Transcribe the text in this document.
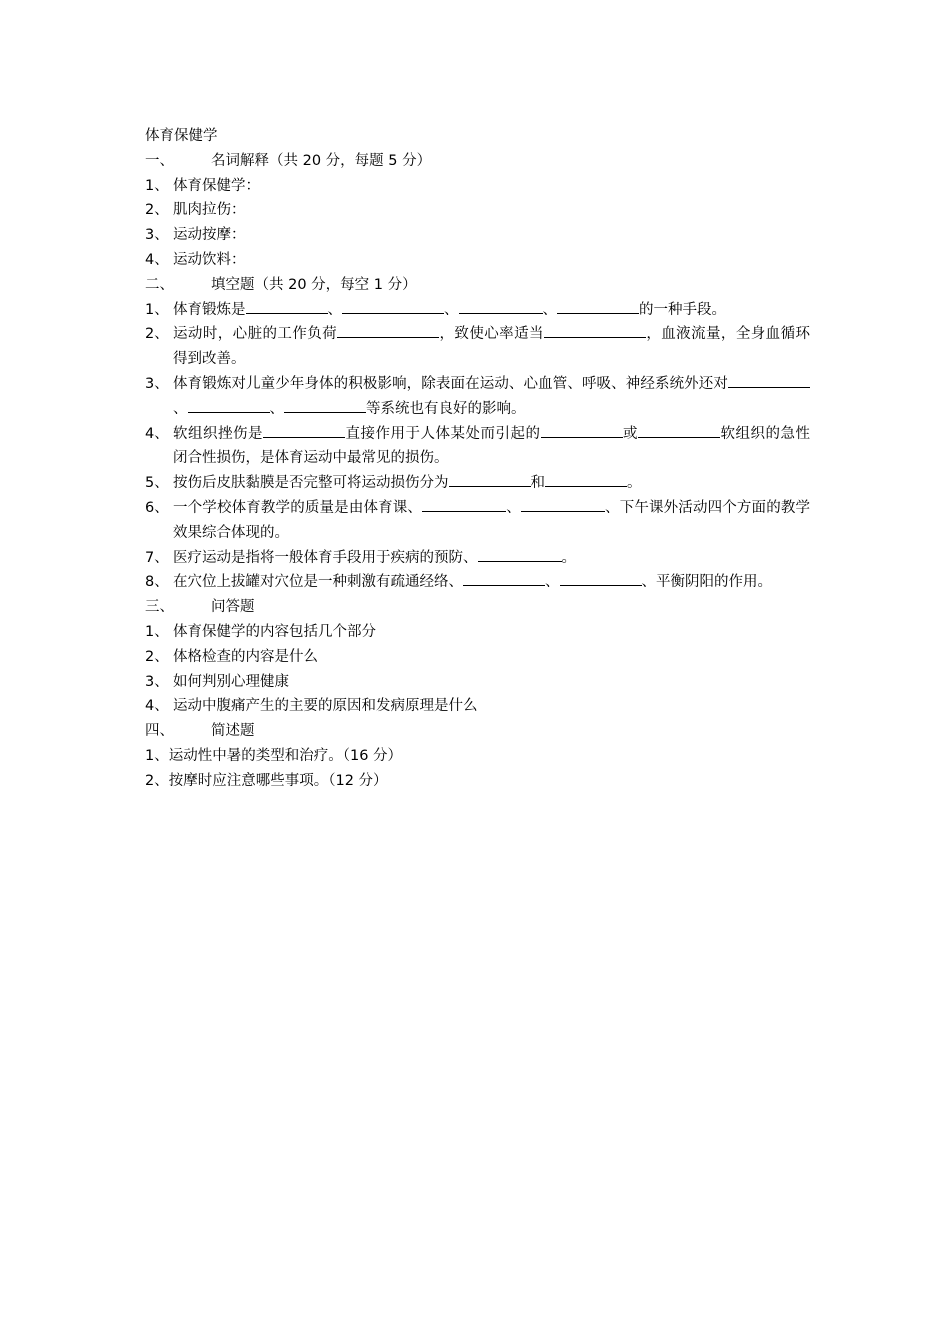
体育保健学
一、	名词解释（共 20 分，每题 5 分）
1、 体育保健学：
2、 肌肉拉伤：
3、 运动按摩：
4、 运动饮料：
二、	填空题（共 20 分，每空 1 分）
1、 体育锻炼是	、	、	、	的一种手段。
2、 运动时，心脏的工作负荷	，致使心率适当	，血液流量，全身血循环得到改善。
3、 体育锻炼对儿童少年身体的积极影响，除表面在运动、心血管、呼吸、神经系统外还对、	、	等系统也有良好的影响。
4、 软组织挫伤是	直接作用于人体某处而引起的	或	软组织的急性闭合性损伤，是体育运动中最常见的损伤。
5、 按伤后皮肤黏膜是否完整可将运动损伤分为	和	。
6、 一个学校体育教学的质量是由体育课、	、	、下午课外活动四个方面的教学效果综合体现的。
7、 医疗运动是指将一般体育手段用于疾病的预防、	。
8、 在穴位上拔罐对穴位是一种刺激有疏通经络、	、	、平衡阴阳的作用。
三、	问答题
1、 体育保健学的内容包括几个部分
2、 体格检查的内容是什么
3、 如何判别心理健康
4、 运动中腹痛产生的主要的原因和发病原理是什么
四、	简述题
1、 运动性中暑的类型和治疗。（16 分）
2、 按摩时应注意哪些事项。（12 分）
